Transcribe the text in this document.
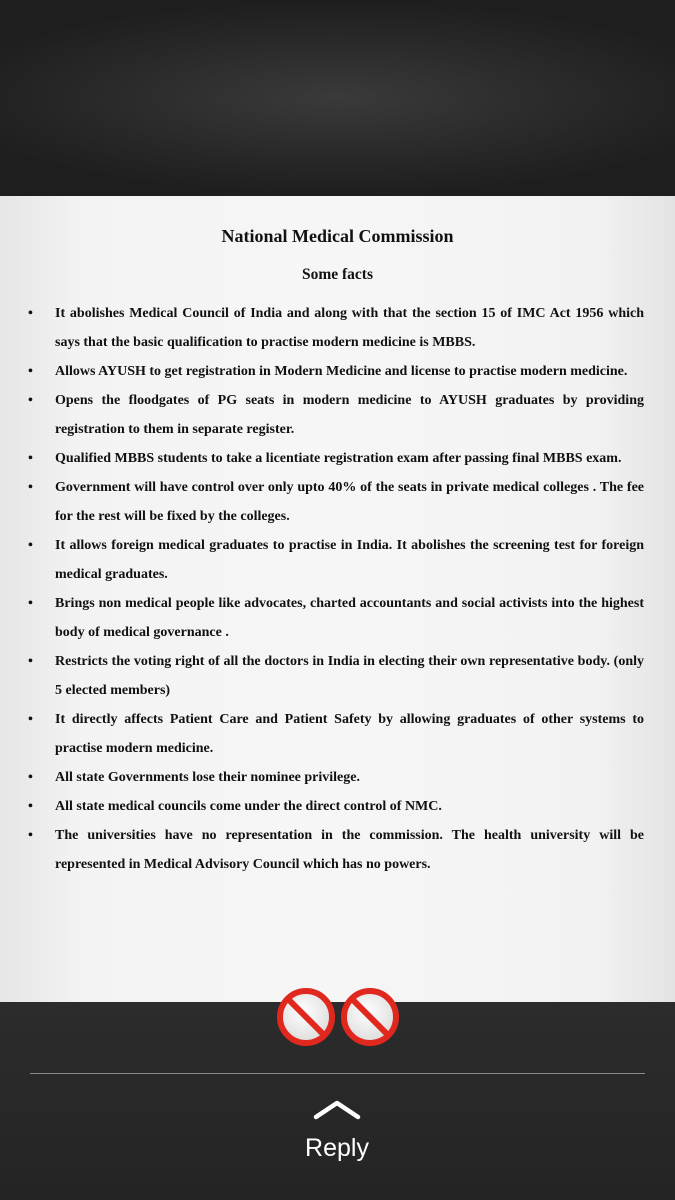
National Medical Commission
Some facts
• It abolishes Medical Council of India and along with that the section 15 of IMC Act 1956 which says that the basic qualification to practise modern medicine is MBBS.
• Allows AYUSH to get registration in Modern Medicine and license to practise modern medicine.
• Opens the floodgates of PG seats in modern medicine to AYUSH graduates by providing registration to them in separate register.
• Qualified MBBS students to take a licentiate registration exam after passing final MBBS exam.
• Government will have control over only upto 40% of the seats in private medical colleges . The fee for the rest will be fixed by the colleges.
• It allows foreign medical graduates to practise in India. It abolishes the screening test for foreign medical graduates.
• Brings non medical people like advocates, charted accountants and social activists into the highest body of medical governance .
• Restricts the voting right of all the doctors in India in electing their own representative body. (only 5 elected members)
• It directly affects Patient Care and Patient Safety by allowing graduates of other systems to practise modern medicine.
• All state Governments lose their nominee privilege.
• All state medical councils come under the direct control of NMC.
• The universities have no representation in the commission. The health university will be represented in Medical Advisory Council which has no powers.
Reply
